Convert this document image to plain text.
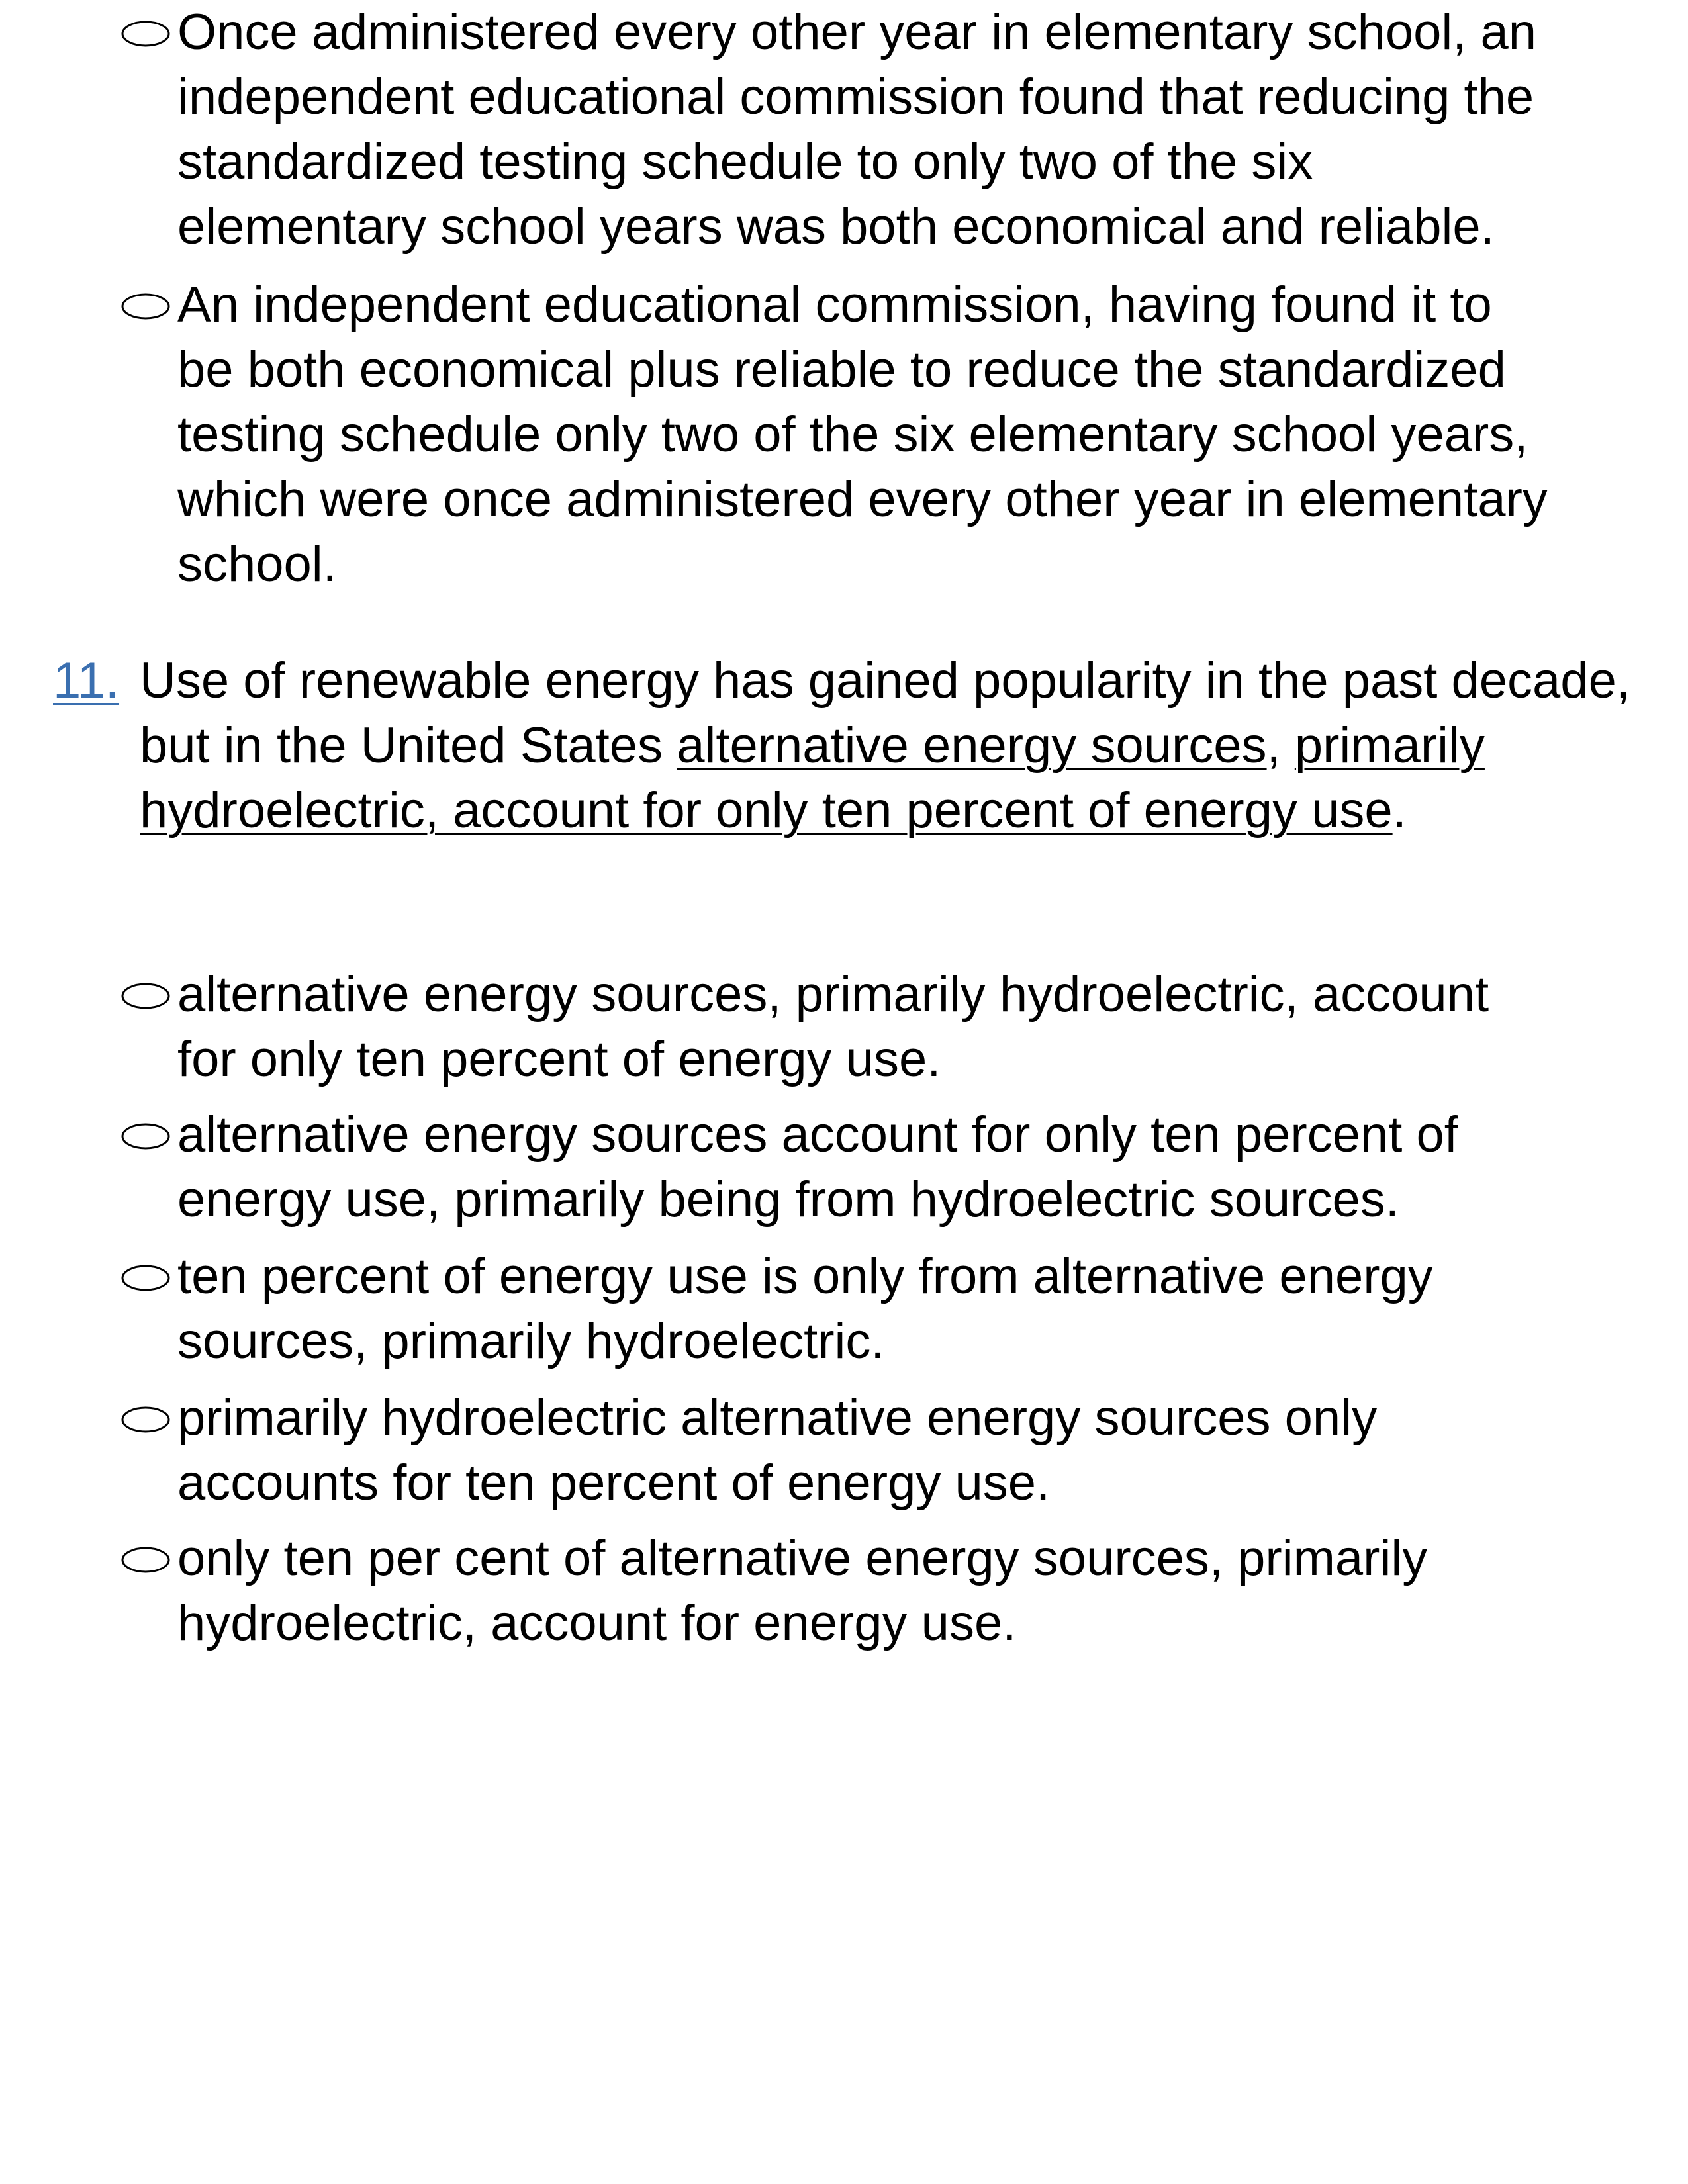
Once administered every other year in elementary school, an
independent educational commission found that reducing the
standardized testing schedule to only two of the six
elementary school years was both economical and reliable.
An independent educational commission, having found it to
be both economical plus reliable to reduce the standardized
testing schedule only two of the six elementary school years,
which were once administered every other year in elementary
school.
11. Use of renewable energy has gained popularity in the past decade, but in the United States alternative energy sources, primarily hydroelectric, account for only ten percent of energy use.
alternative energy sources, primarily hydroelectric, account
for only ten percent of energy use.
alternative energy sources account for only ten percent of
energy use, primarily being from hydroelectric sources.
ten percent of energy use is only from alternative energy
sources, primarily hydroelectric.
primarily hydroelectric alternative energy sources only
accounts for ten percent of energy use.
only ten per cent of alternative energy sources, primarily
hydroelectric, account for energy use.
